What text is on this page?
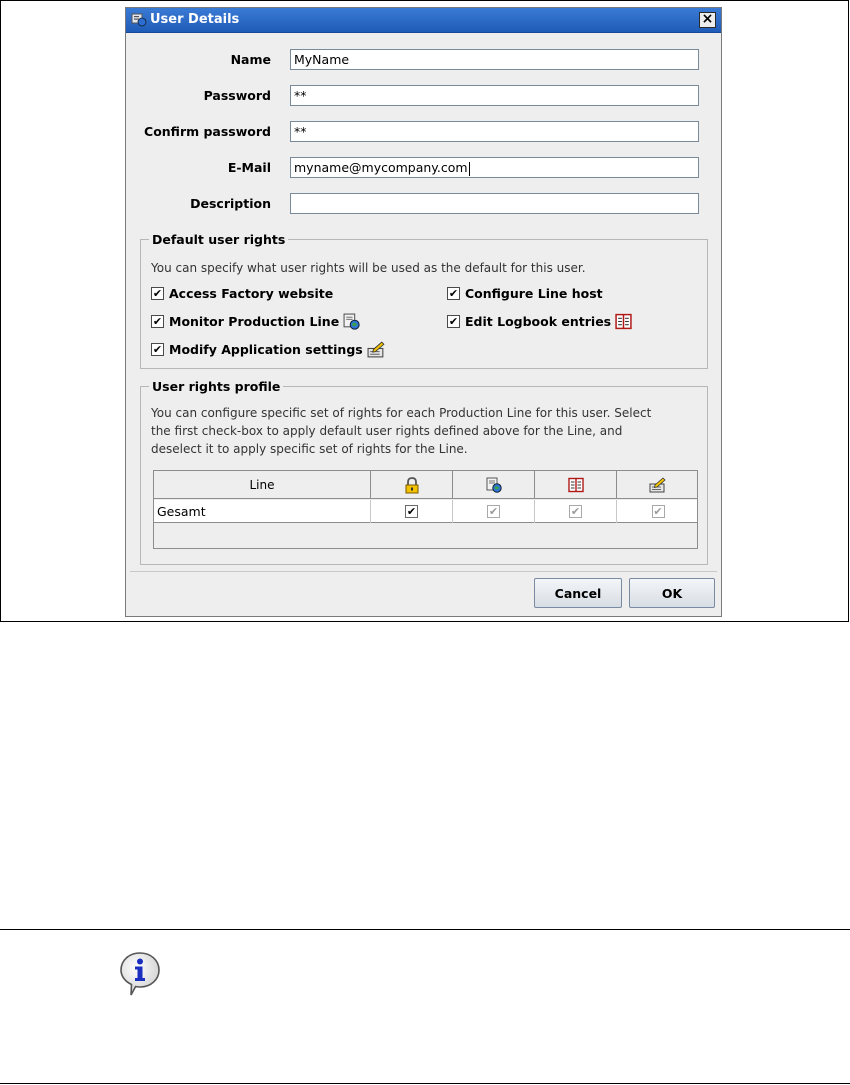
User Details	×
Name	MyName
Password	**
Confirm password	**
E-Mail	myname@mycompany.com
Description
Default user rights
You can specify what user rights will be used as the default for this user.
✔ Access Factory website	✔ Configure Line host
✔ Monitor Production Line	✔ Edit Logbook entries
✔ Modify Application settings
User rights profile
You can configure specific set of rights for each Production Line for this user. Select
the first check-box to apply default user rights defined above for the Line, and
deselect it to apply specific set of rights for the Line.
Line
Gesamt	✔	✔	✔	✔
Cancel	OK
